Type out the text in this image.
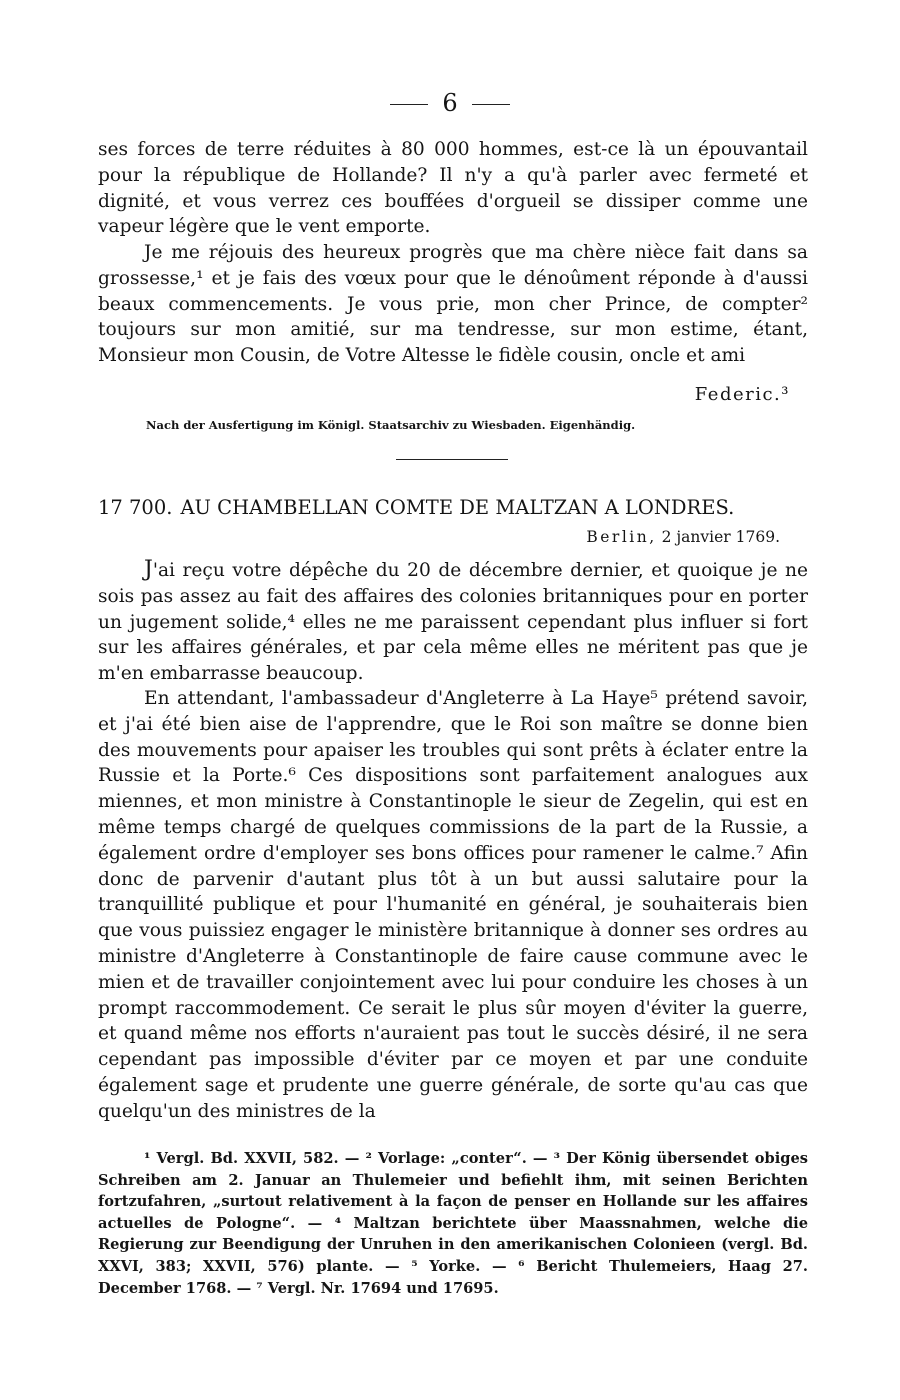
6

ses forces de terre réduites à 80 000 hommes, est-ce là un épouvantail pour la république de Hollande? Il n'y a qu'à parler avec fermeté et dignité, et vous verrez ces bouffées d'orgueil se dissiper comme une vapeur légère que le vent emporte.

Je me réjouis des heureux progrès que ma chère nièce fait dans sa grossesse,¹ et je fais des vœux pour que le dénoûment réponde à d'aussi beaux commencements. Je vous prie, mon cher Prince, de compter² toujours sur mon amitié, sur ma tendresse, sur mon estime, étant, Monsieur mon Cousin, de Votre Altesse le fidèle cousin, oncle et ami

Federic.³

Nach der Ausfertigung im Königl. Staatsarchiv zu Wiesbaden. Eigenhändig.

17 700. AU CHAMBELLAN COMTE DE MALTZAN A LONDRES.
Berlin, 2 janvier 1769.

J'ai reçu votre dépêche du 20 de décembre dernier, et quoique je ne sois pas assez au fait des affaires des colonies britanniques pour en porter un jugement solide,⁴ elles ne me paraissent cependant plus influer si fort sur les affaires générales, et par cela même elles ne méritent pas que je m'en embarrasse beaucoup.

En attendant, l'ambassadeur d'Angleterre à La Haye⁵ prétend savoir, et j'ai été bien aise de l'apprendre, que le Roi son maître se donne bien des mouvements pour apaiser les troubles qui sont prêts à éclater entre la Russie et la Porte.⁶ Ces dispositions sont parfaitement analogues aux miennes, et mon ministre à Constantinople le sieur de Zegelin, qui est en même temps chargé de quelques commissions de la part de la Russie, a également ordre d'employer ses bons offices pour ramener le calme.⁷ Afin donc de parvenir d'autant plus tôt à un but aussi salutaire pour la tranquillité publique et pour l'humanité en général, je souhaiterais bien que vous puissiez engager le ministère britannique à donner ses ordres au ministre d'Angleterre à Constantinople de faire cause commune avec le mien et de travailler conjointement avec lui pour conduire les choses à un prompt raccommodement. Ce serait le plus sûr moyen d'éviter la guerre, et quand même nos efforts n'auraient pas tout le succès désiré, il ne sera cependant pas impossible d'éviter par ce moyen et par une conduite également sage et prudente une guerre générale, de sorte qu'au cas que quelqu'un des ministres de la

¹ Vergl. Bd. XXVII, 582. — ² Vorlage: „conter“. — ³ Der König übersendet obiges Schreiben am 2. Januar an Thulemeier und befiehlt ihm, mit seinen Berichten fortzufahren, „surtout relativement à la façon de penser en Hollande sur les affaires actuelles de Pologne“. — ⁴ Maltzan berichtete über Maassnahmen, welche die Regierung zur Beendigung der Unruhen in den amerikanischen Colonieen (vergl. Bd. XXVI, 383; XXVII, 576) plante. — ⁵ Yorke. — ⁶ Bericht Thulemeiers, Haag 27. December 1768. — ⁷ Vergl. Nr. 17694 und 17695.
